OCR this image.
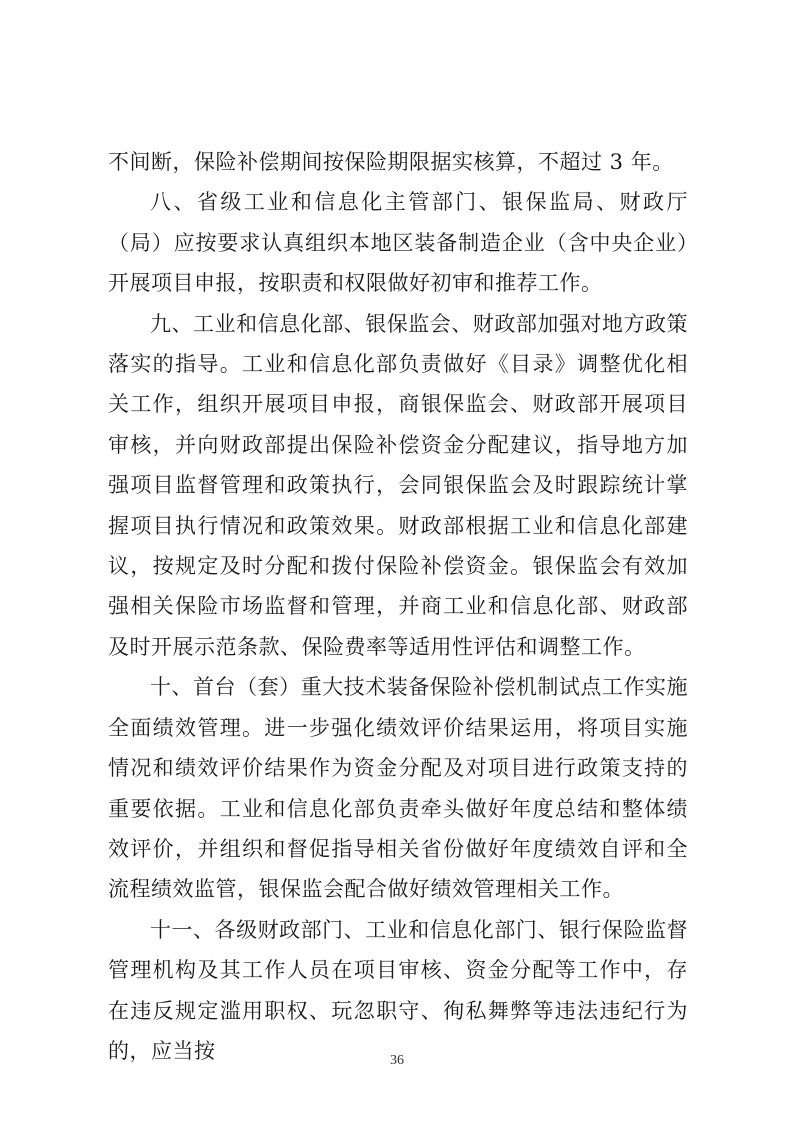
不间断，保险补偿期间按保险期限据实核算，不超过 3 年。

八、省级工业和信息化主管部门、银保监局、财政厅（局）应按要求认真组织本地区装备制造企业（含中央企业）开展项目申报，按职责和权限做好初审和推荐工作。

九、工业和信息化部、银保监会、财政部加强对地方政策落实的指导。工业和信息化部负责做好《目录》调整优化相关工作，组织开展项目申报，商银保监会、财政部开展项目审核，并向财政部提出保险补偿资金分配建议，指导地方加强项目监督管理和政策执行，会同银保监会及时跟踪统计掌握项目执行情况和政策效果。财政部根据工业和信息化部建议，按规定及时分配和拨付保险补偿资金。银保监会有效加强相关保险市场监督和管理，并商工业和信息化部、财政部及时开展示范条款、保险费率等适用性评估和调整工作。

十、首台（套）重大技术装备保险补偿机制试点工作实施全面绩效管理。进一步强化绩效评价结果运用，将项目实施情况和绩效评价结果作为资金分配及对项目进行政策支持的重要依据。工业和信息化部负责牵头做好年度总结和整体绩效评价，并组织和督促指导相关省份做好年度绩效自评和全流程绩效监管，银保监会配合做好绩效管理相关工作。

十一、各级财政部门、工业和信息化部门、银行保险监督管理机构及其工作人员在项目审核、资金分配等工作中，存在违反规定滥用职权、玩忽职守、徇私舞弊等违法违纪行为的，应当按	36
